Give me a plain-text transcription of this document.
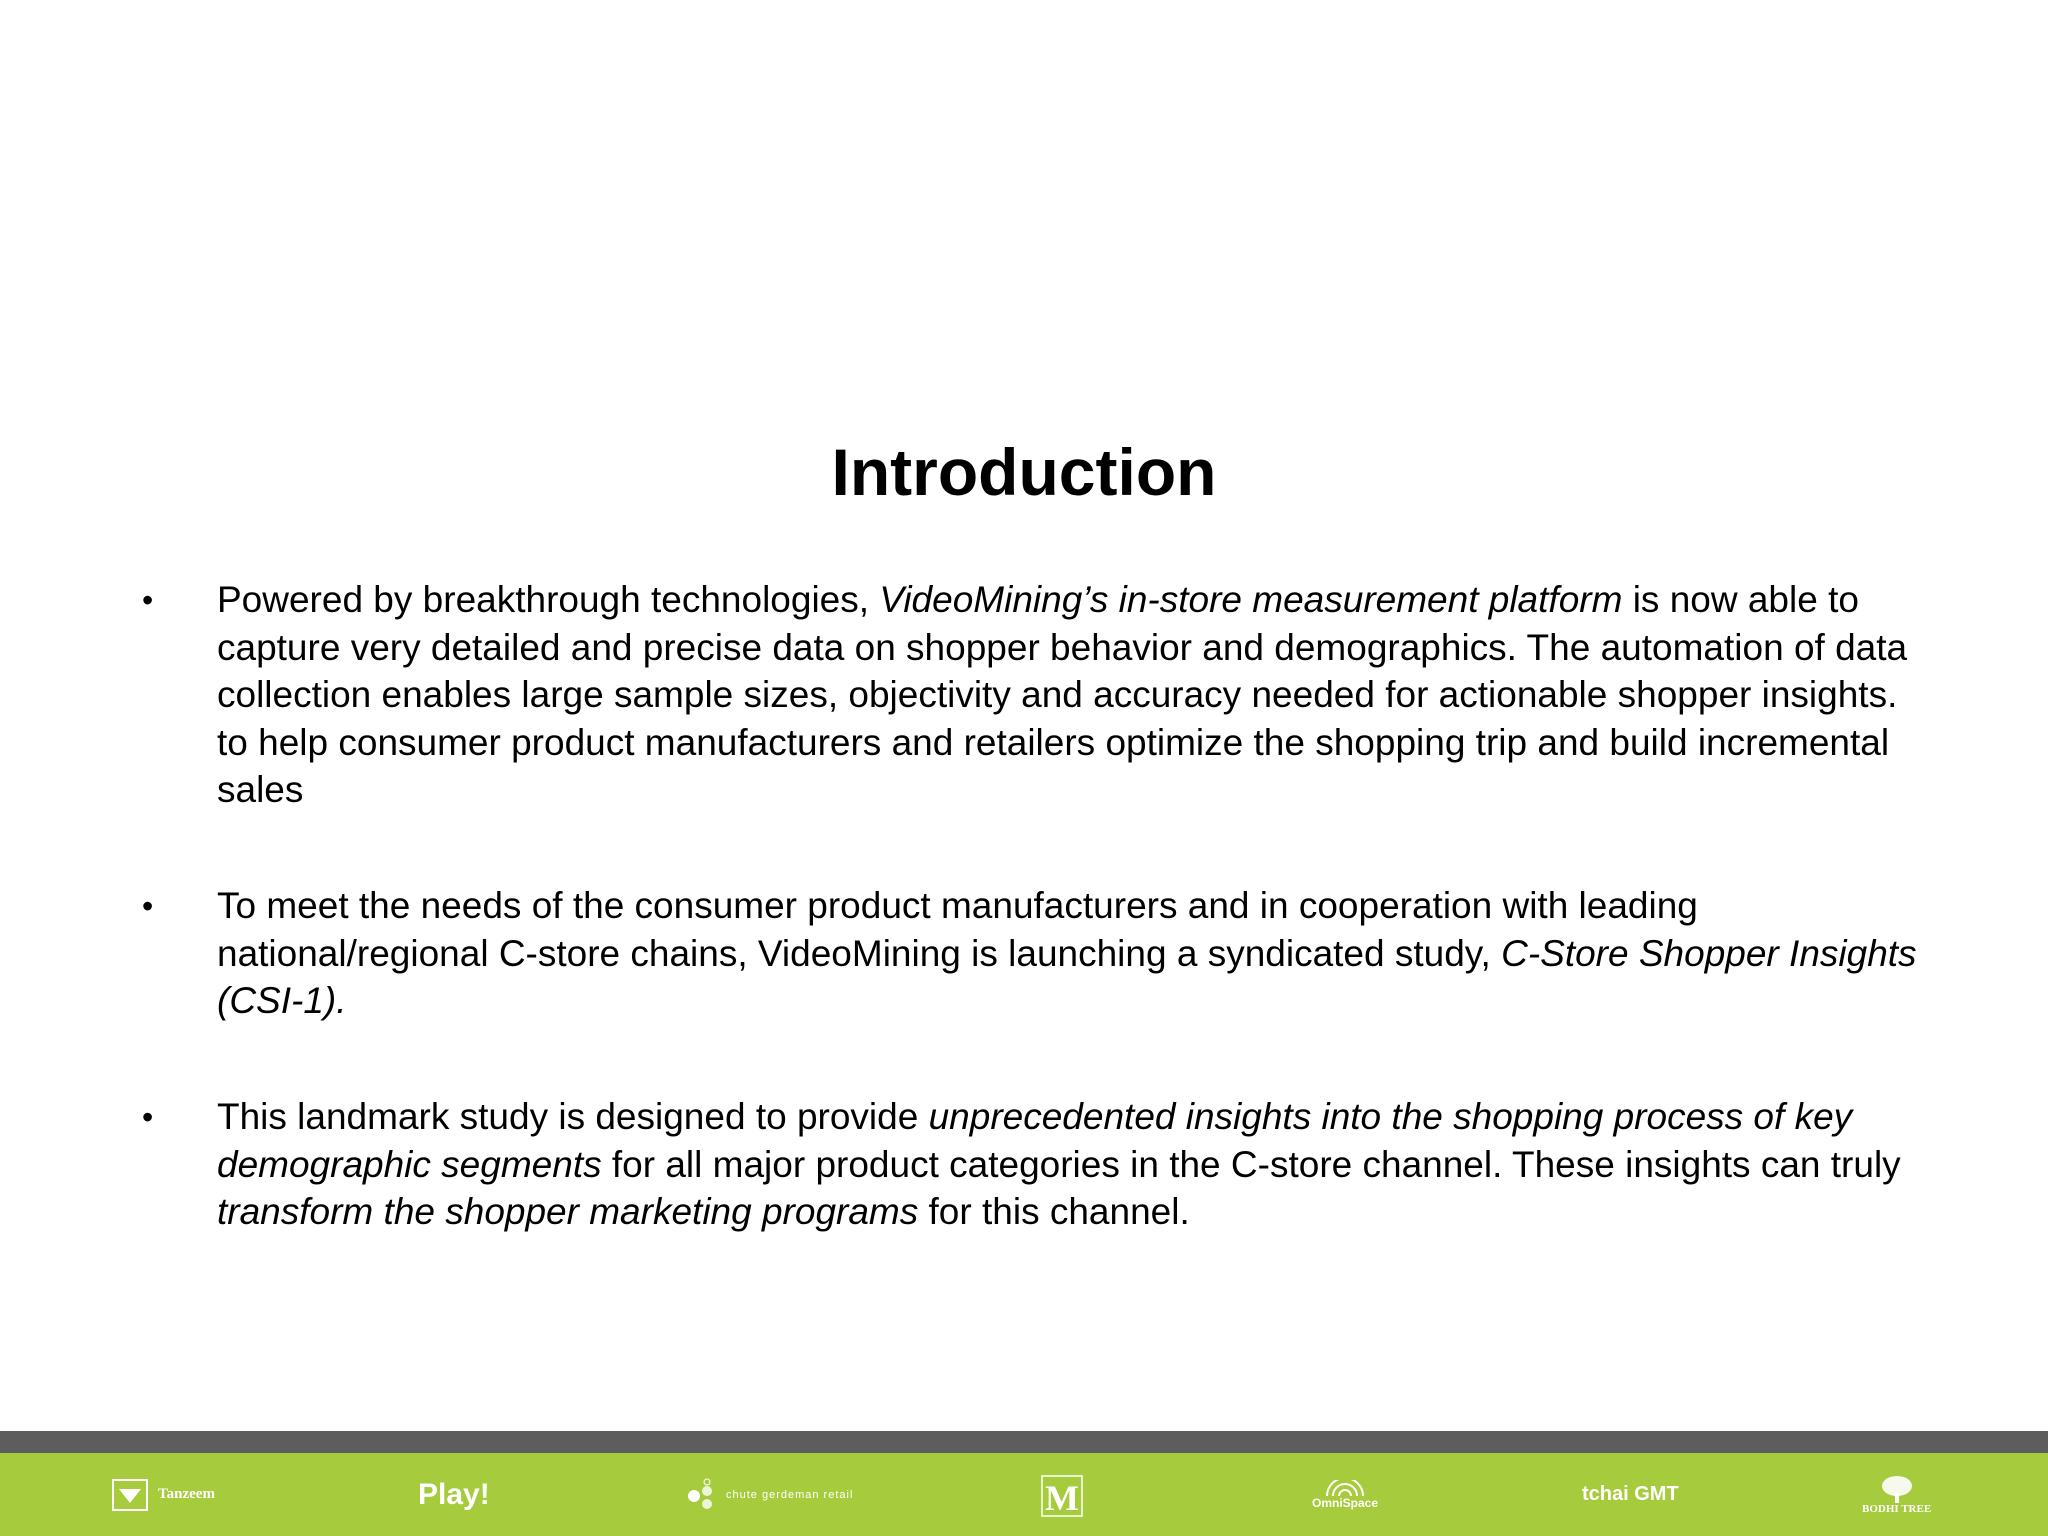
Introduction
• Powered by breakthrough technologies, VideoMining’s in-store measurement platform is now able to capture very detailed and precise data on shopper behavior and demographics. The automation of data collection enables large sample sizes, objectivity and accuracy needed for actionable shopper insights. to help consumer product manufacturers and retailers optimize the shopping trip and build incremental sales

• To meet the needs of the consumer product manufacturers and in cooperation with leading national/regional C-store chains, VideoMining is launching a syndicated study, C-Store Shopper Insights (CSI-1).

• This landmark study is designed to provide unprecedented insights into the shopping process of key demographic segments for all major product categories in the C-store channel. These insights can truly transform the shopper marketing programs for this channel.

Tanzeem	Play!	chute gerdeman retail	M	OmniSpace	tchai GMT
BODHI TREE
